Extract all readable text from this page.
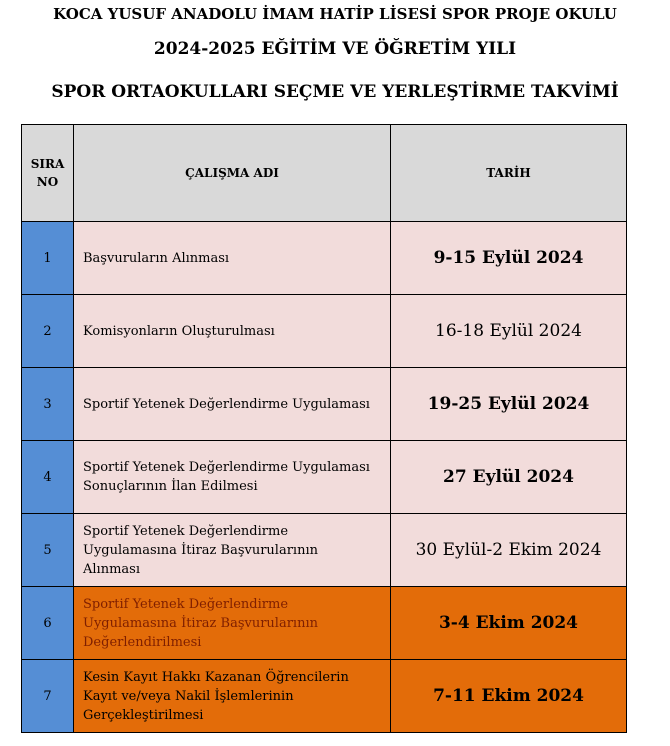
KOCA YUSUF ANADOLU İMAM HATİP LİSESİ SPOR PROJE OKULU
2024-2025 EĞİTİM VE ÖĞRETİM YILI
SPOR ORTAOKULLARI SEÇME VE YERLEŞTİRME TAKVİMİ
SIRA
NO	ÇALIŞMA ADI	TARİH
1	Başvuruların Alınması	9-15 Eylül 2024
2	Komisyonların Oluşturulması	16-18 Eylül 2024
3	Sportif Yetenek Değerlendirme Uygulaması	19-25 Eylül 2024
4	Sportif Yetenek Değerlendirme Uygulaması
Sonuçlarının İlan Edilmesi	27 Eylül 2024
5	Sportif Yetenek Değerlendirme
Uygulamasına İtiraz Başvurularının
Alınması	30 Eylül-2 Ekim 2024
6	Sportif Yetenek Değerlendirme
Uygulamasına İtiraz Başvurularının
Değerlendirilmesi	3-4 Ekim 2024
7	Kesin Kayıt Hakkı Kazanan Öğrencilerin
Kayıt ve/veya Nakil İşlemlerinin
Gerçekleştirilmesi	7-11 Ekim 2024
